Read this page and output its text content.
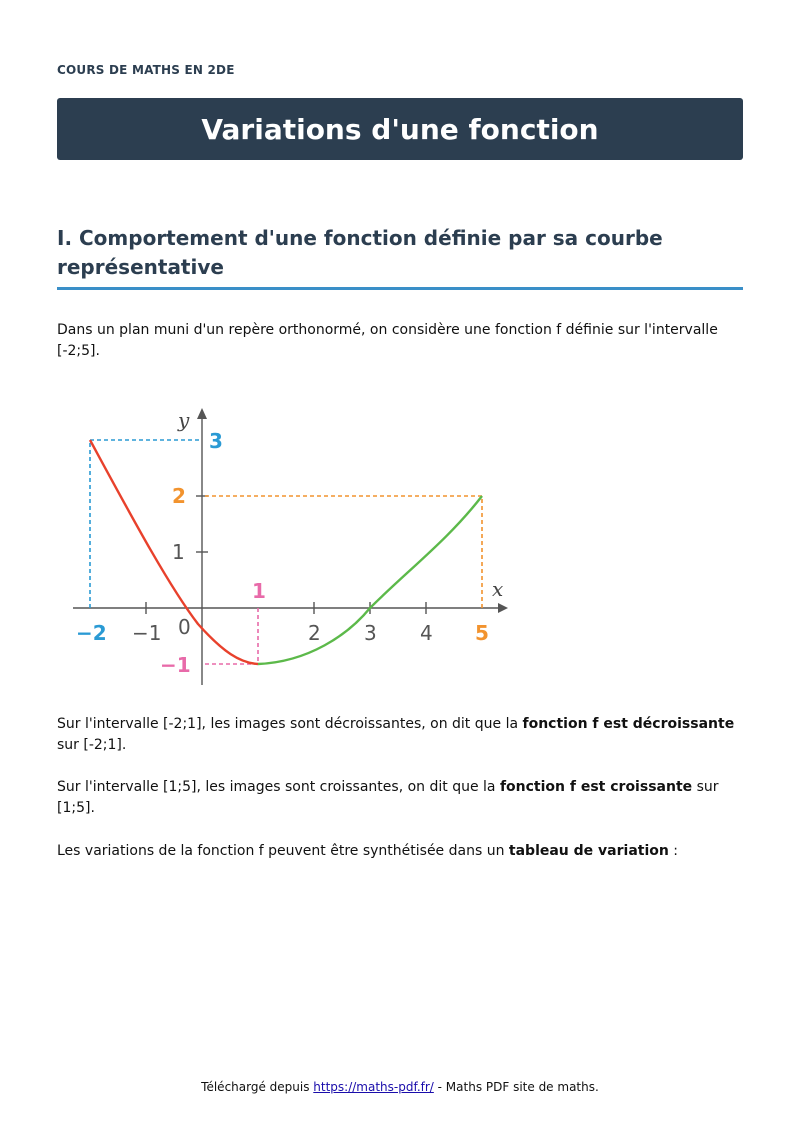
COURS DE MATHS EN 2DE
Variations d'une fonction
I. Comportement d'une fonction définie par sa courbe représentative

Dans un plan muni d'un repère orthonormé, on considère une fonction f définie sur l'intervalle [-2;5].

y
x
−2 −1 0	2 3 4 5
1
3
2
1
−1

Sur l'intervalle [-2;1], les images sont décroissantes, on dit que la fonction f est décroissante sur [-2;1].

Sur l'intervalle [1;5], les images sont croissantes, on dit que la fonction f est croissante sur [1;5].

Les variations de la fonction f peuvent être synthétisée dans un tableau de variation :

Téléchargé depuis https://maths-pdf.fr/ - Maths PDF site de maths.
